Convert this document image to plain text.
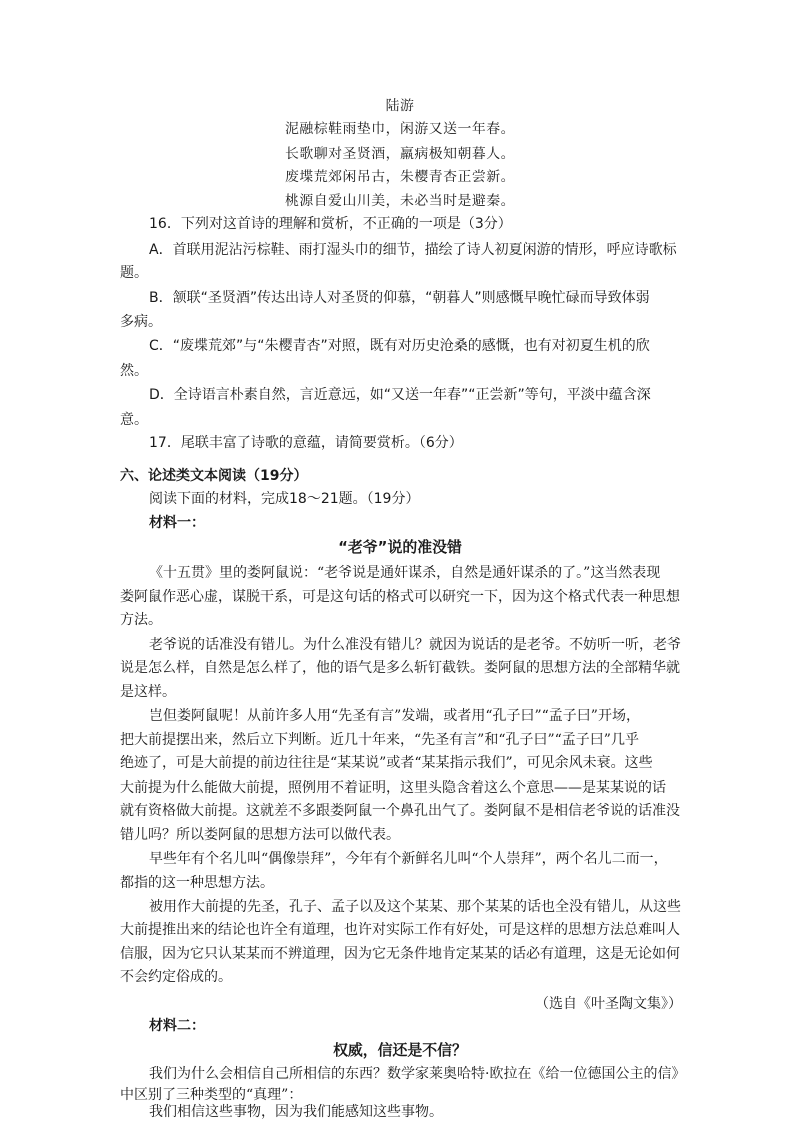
陆游
泥融棕鞋雨垫巾，闲游又送一年春。
长歌聊对圣贤酒，羸病极知朝暮人。
废堞荒郊闲吊古，朱樱青杏正尝新。
桃源自爱山川美，未必当时是避秦。
16．下列对这首诗的理解和赏析，不正确的一项是（3分）
A．首联用泥沾污棕鞋、雨打湿头巾的细节，描绘了诗人初夏闲游的情形，呼应诗歌标
题。
B．颔联“圣贤酒”传达出诗人对圣贤的仰慕，“朝暮人”则感慨早晚忙碌而导致体弱
多病。
C．“废堞荒郊”与“朱樱青杏”对照，既有对历史沧桑的感慨，也有对初夏生机的欣
然。
D．全诗语言朴素自然，言近意远，如“又送一年春”“正尝新”等句，平淡中蕴含深
意。
17．尾联丰富了诗歌的意蕴，请简要赏析。（6分）
六、论述类文本阅读（19分）
阅读下面的材料，完成18～21题。（19分）
材料一：
“老爷”说的准没错
《十五贯》里的娄阿鼠说：“老爷说是通奸谋杀，自然是通奸谋杀的了。”这当然表现
娄阿鼠作恶心虚，谋脱干系，可是这句话的格式可以研究一下，因为这个格式代表一种思想
方法。
老爷说的话准没有错儿。为什么准没有错儿？就因为说话的是老爷。不妨听一听，老爷
说是怎么样，自然是怎么样了，他的语气是多么斩钉截铁。娄阿鼠的思想方法的全部精华就
是这样。
岂但娄阿鼠呢！从前许多人用“先圣有言”发端，或者用“孔子曰”“孟子曰”开场，
把大前提摆出来，然后立下判断。近几十年来，“先圣有言”和“孔子曰”“孟子曰”几乎
绝迹了，可是大前提的前边往往是“某某说”或者“某某指示我们”，可见余风未衰。这些
大前提为什么能做大前提，照例用不着证明，这里头隐含着这么个意思——是某某说的话
就有资格做大前提。这就差不多跟娄阿鼠一个鼻孔出气了。娄阿鼠不是相信老爷说的话准没
错儿吗？所以娄阿鼠的思想方法可以做代表。
早些年有个名儿叫“偶像崇拜”，今年有个新鲜名儿叫“个人崇拜”，两个名儿二而一，
都指的这一种思想方法。
被用作大前提的先圣，孔子、孟子以及这个某某、那个某某的话也全没有错儿，从这些
大前提推出来的结论也许全有道理，也许对实际工作有好处，可是这样的思想方法总难叫人
信服，因为它只认某某而不辨道理，因为它无条件地肯定某某的话必有道理，这是无论如何
不会约定俗成的。
（选自《叶圣陶文集》）
材料二：
权威，信还是不信？
我们为什么会相信自己所相信的东西？数学家莱奥哈特·欧拉在《给一位德国公主的信》
中区别了三种类型的“真理”：
我们相信这些事物，因为我们能感知这些事物。
